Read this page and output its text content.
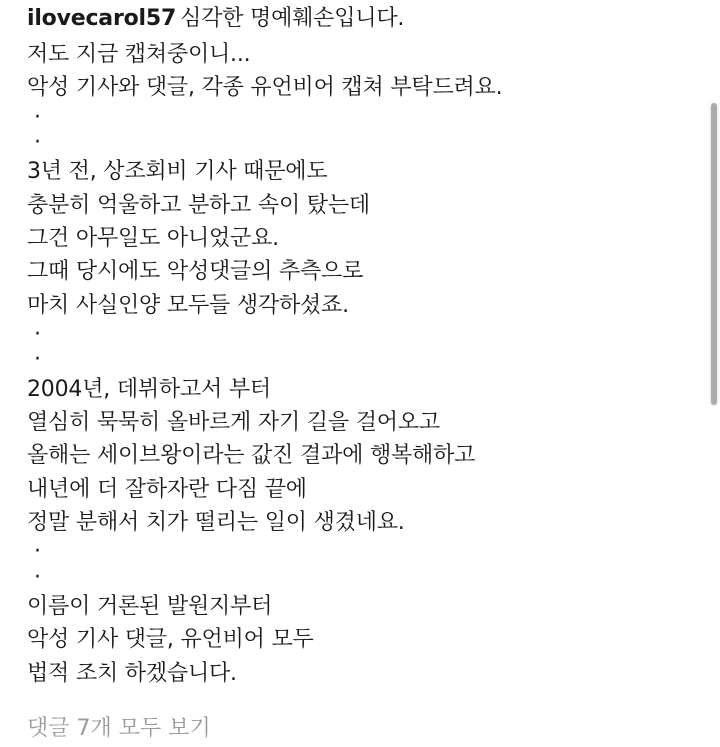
ilovecarol57 심각한 명예훼손입니다.
저도 지금 캡쳐중이니...
악성 기사와 댓글, 각종 유언비어 캡쳐 부탁드려요.
·
·
3년 전, 상조회비 기사 때문에도
충분히 억울하고 분하고 속이 탔는데
그건 아무일도 아니었군요.
그때 당시에도 악성댓글의 추측으로
마치 사실인양 모두들 생각하셨죠.
·
·
2004년, 데뷔하고서 부터
열심히 묵묵히 올바르게 자기 길을 걸어오고
올해는 세이브왕이라는 값진 결과에 행복해하고
내년에 더 잘하자란 다짐 끝에
정말 분해서 치가 떨리는 일이 생겼네요.
·
·
이름이 거론된 발원지부터
악성 기사 댓글, 유언비어 모두
법적 조치 하겠습니다.
댓글 7개 모두 보기
